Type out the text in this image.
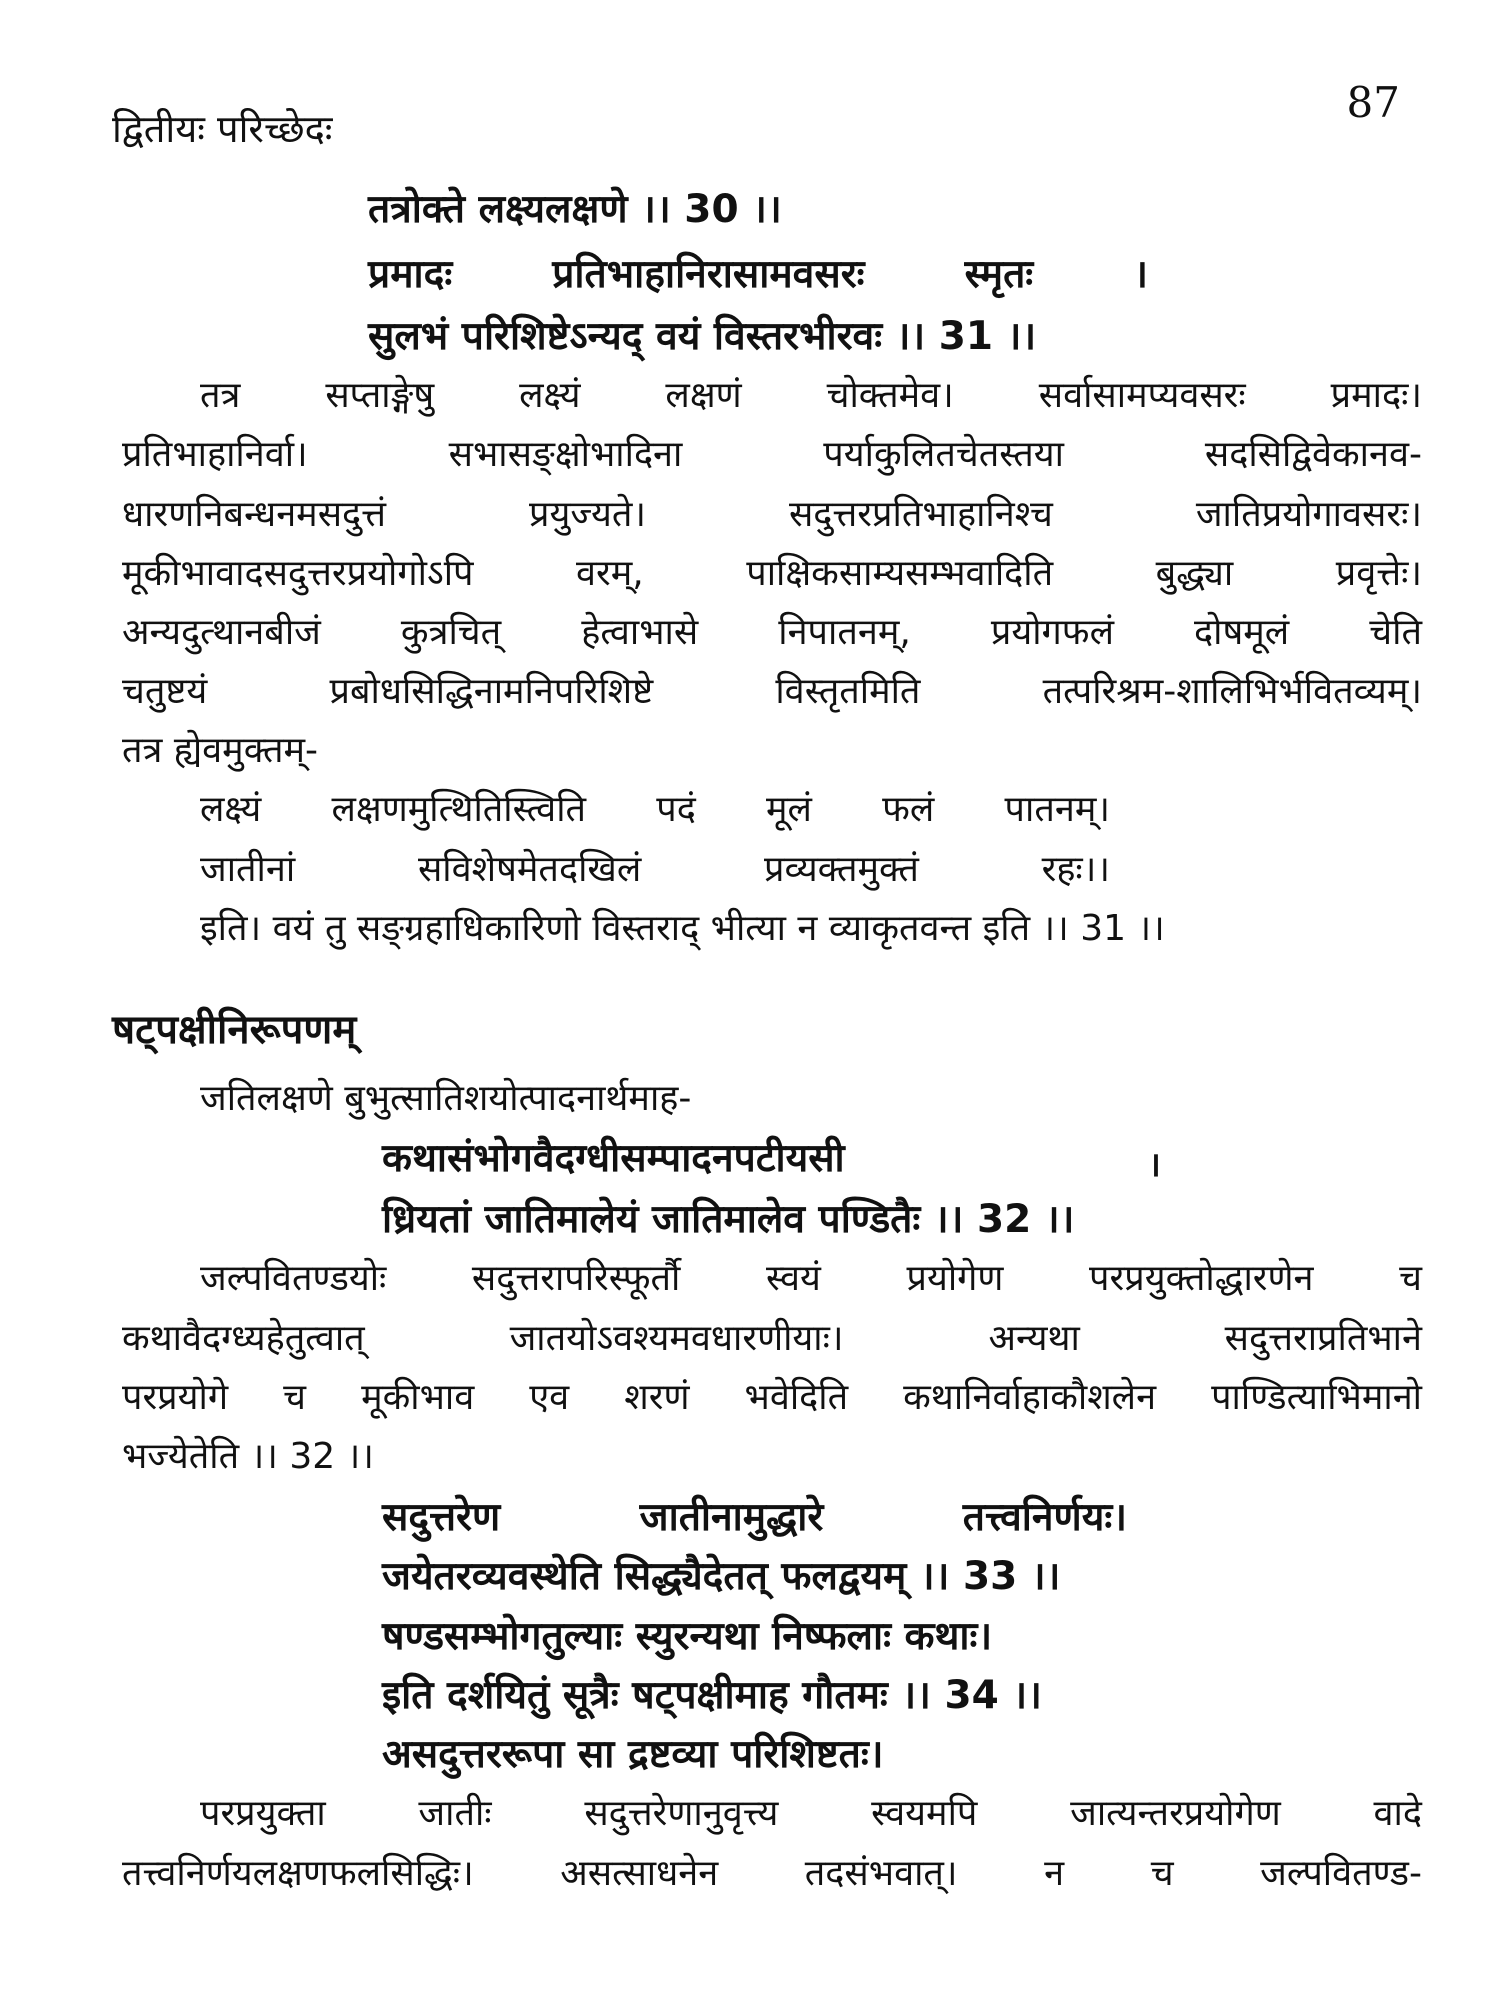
द्वितीयः परिच्छेदः
87
तत्रोक्ते लक्ष्यलक्षणे ।। 30 ।।
प्रमादः प्रतिभाहानिरासामवसरः स्मृतः ।
सुलभं परिशिष्टेऽन्यद् वयं विस्तरभीरवः ।। 31 ।।
तत्र सप्ताङ्गेषु लक्ष्यं लक्षणं चोक्तमेव। सर्वासामप्यवसरः प्रमादः।
प्रतिभाहानिर्वा। सभासङ्क्षोभादिना पर्याकुलितचेतस्तया सदसिद्विवेकानव-
धारणनिबन्धनमसदुत्तं प्रयुज्यते। सदुत्तरप्रतिभाहानिश्च जातिप्रयोगावसरः।
मूकीभावादसदुत्तरप्रयोगोऽपि वरम्, पाक्षिकसाम्यसम्भवादिति बुद्ध्या प्रवृत्तेः।
अन्यदुत्थानबीजं कुत्रचित् हेत्वाभासे निपातनम्, प्रयोगफलं दोषमूलं चेति
चतुष्टयं प्रबोधसिद्धिनामनिपरिशिष्टे विस्तृतमिति तत्परिश्रम-शालिभिर्भवितव्यम्।
तत्र ह्येवमुक्तम्-
लक्ष्यं लक्षणमुत्थितिस्त्विति पदं मूलं फलं पातनम्।
जातीनां सविशेषमेतदखिलं प्रव्यक्तमुक्तं रहः।।
इति। वयं तु सङ्ग्रहाधिकारिणो विस्तराद् भीत्या न व्याकृतवन्त इति ।। 31 ।।
षट्पक्षीनिरूपणम्
जतिलक्षणे बुभुत्सातिशयोत्पादनार्थमाह-
कथासंभोगवैदग्धीसम्पादनपटीयसी	।
ध्रियतां जातिमालेयं जातिमालेव पण्डितैः ।। 32 ।।
जल्पवितण्डयोः सदुत्तरापरिस्फूर्तौ स्वयं प्रयोगेण परप्रयुक्तोद्धारणेन च
कथावैदग्ध्यहेतुत्वात् जातयोऽवश्यमवधारणीयाः। अन्यथा सदुत्तराप्रतिभाने
परप्रयोगे च मूकीभाव एव शरणं भवेदिति कथानिर्वाहाकौशलेन पाण्डित्याभिमानो
भज्येतेति ।। 32 ।।
सदुत्तरेण जातीनामुद्धारे तत्त्वनिर्णयः।
जयेतरव्यवस्थेति सिद्ध्यैदेतत् फलद्वयम् ।। 33 ।।
षण्डसम्भोगतुल्याः स्युरन्यथा निष्फलाः कथाः।
इति दर्शयितुं सूत्रैः षट्पक्षीमाह गौतमः ।। 34 ।।
असदुत्तररूपा सा द्रष्टव्या परिशिष्टतः।
परप्रयुक्ता जातीः सदुत्तरेणानुवृत्त्य स्वयमपि जात्यन्तरप्रयोगेण वादे
तत्त्वनिर्णयलक्षणफलसिद्धिः। असत्साधनेन तदसंभवात्। न च जल्पवितण्ड-
